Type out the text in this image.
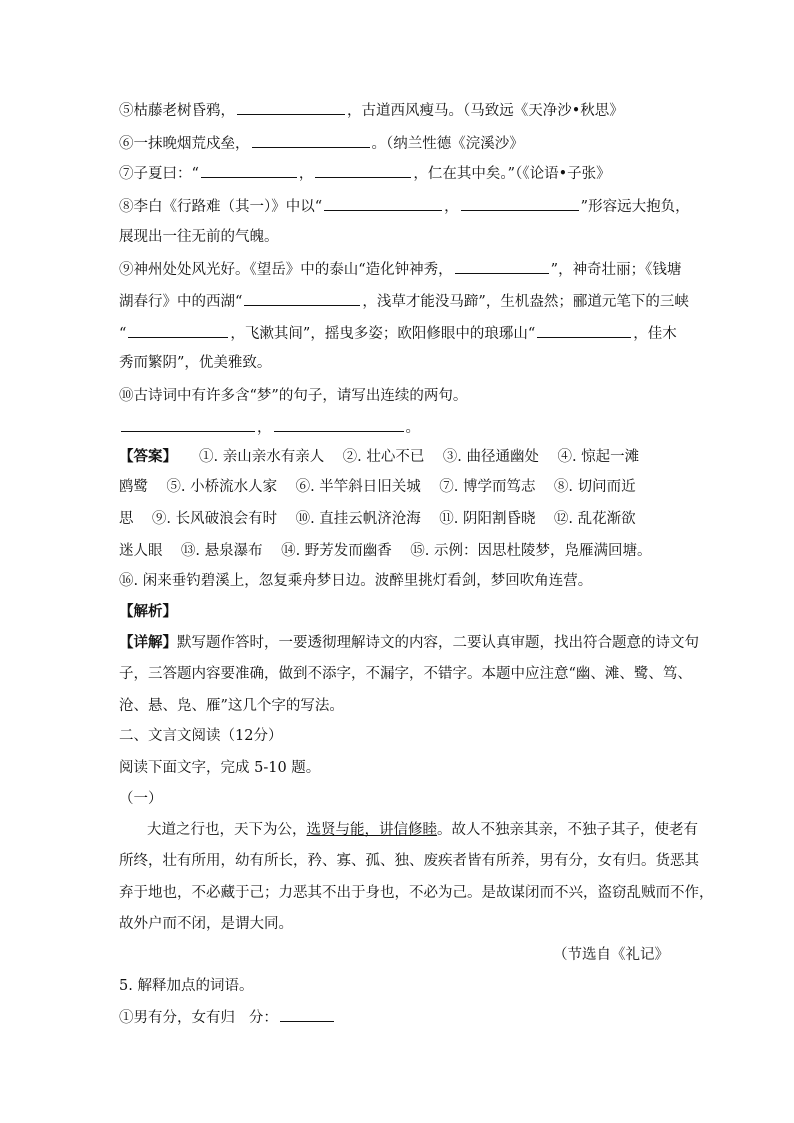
⑤枯藤老树昏鸦，	，古道西风瘦马。（马致远《天净沙•秋思》
⑥一抹晚烟荒戍垒，	。（纳兰性德《浣溪沙》
⑦子夏曰：“	，	，仁在其中矣。”（《论语•子张》
⑧李白《行路难（其一）》中以“	，	”形容远大抱负，
展现出一往无前的气魄。
⑨神州处处风光好。《望岳》中的泰山“造化钟神秀，	”，神奇壮丽；《钱塘
湖春行》中的西湖“	，浅草才能没马蹄”，生机盎然；郦道元笔下的三峡
“	，飞漱其间”，摇曳多姿；欧阳修眼中的琅琊山“	，佳木
秀而繁阴”，优美雅致。
⑩古诗词中有许多含“梦”的句子，请写出连续的两句。
，	。
【答案】 ①. 亲山亲水有亲人    ②. 壮心不已    ③. 曲径通幽处    ④. 惊起一滩
鸥鹭    ⑤. 小桥流水人家    ⑥. 半竿斜日旧关城    ⑦. 博学而笃志    ⑧. 切问而近
思    ⑨. 长风破浪会有时    ⑩. 直挂云帆济沧海    ⑪. 阴阳割昏晓    ⑫. 乱花渐欲
迷人眼    ⑬. 悬泉瀑布    ⑭. 野芳发而幽香    ⑮. 示例：因思杜陵梦，凫雁满回塘。
⑯. 闲来垂钓碧溪上，忽复乘舟梦日边。波醉里挑灯看剑，梦回吹角连营。
【解析】
【详解】默写题作答时，一要透彻理解诗文的内容，二要认真审题，找出符合题意的诗文句
子，三答题内容要准确，做到不添字，不漏字，不错字。本题中应注意“幽、滩、鹭、笃、
沧、悬、凫、雁”这几个字的写法。
二、文言文阅读（12分）
阅读下面文字，完成 5-10 题。
（一）
大道之行也，天下为公，选贤与能，讲信修睦。故人不独亲其亲，不独子其子，使老有
所终，壮有所用，幼有所长，矜、寡、孤、独、废疾者皆有所养，男有分，女有归。货恶其
弃于地也，不必藏于己；力恶其不出于身也，不必为己。是故谋闭而不兴，盗窃乱贼而不作，
故外户而不闭，是谓大同。
（节选自《礼记》
5. 解释加点的词语。
①男有分，女有归   分：
